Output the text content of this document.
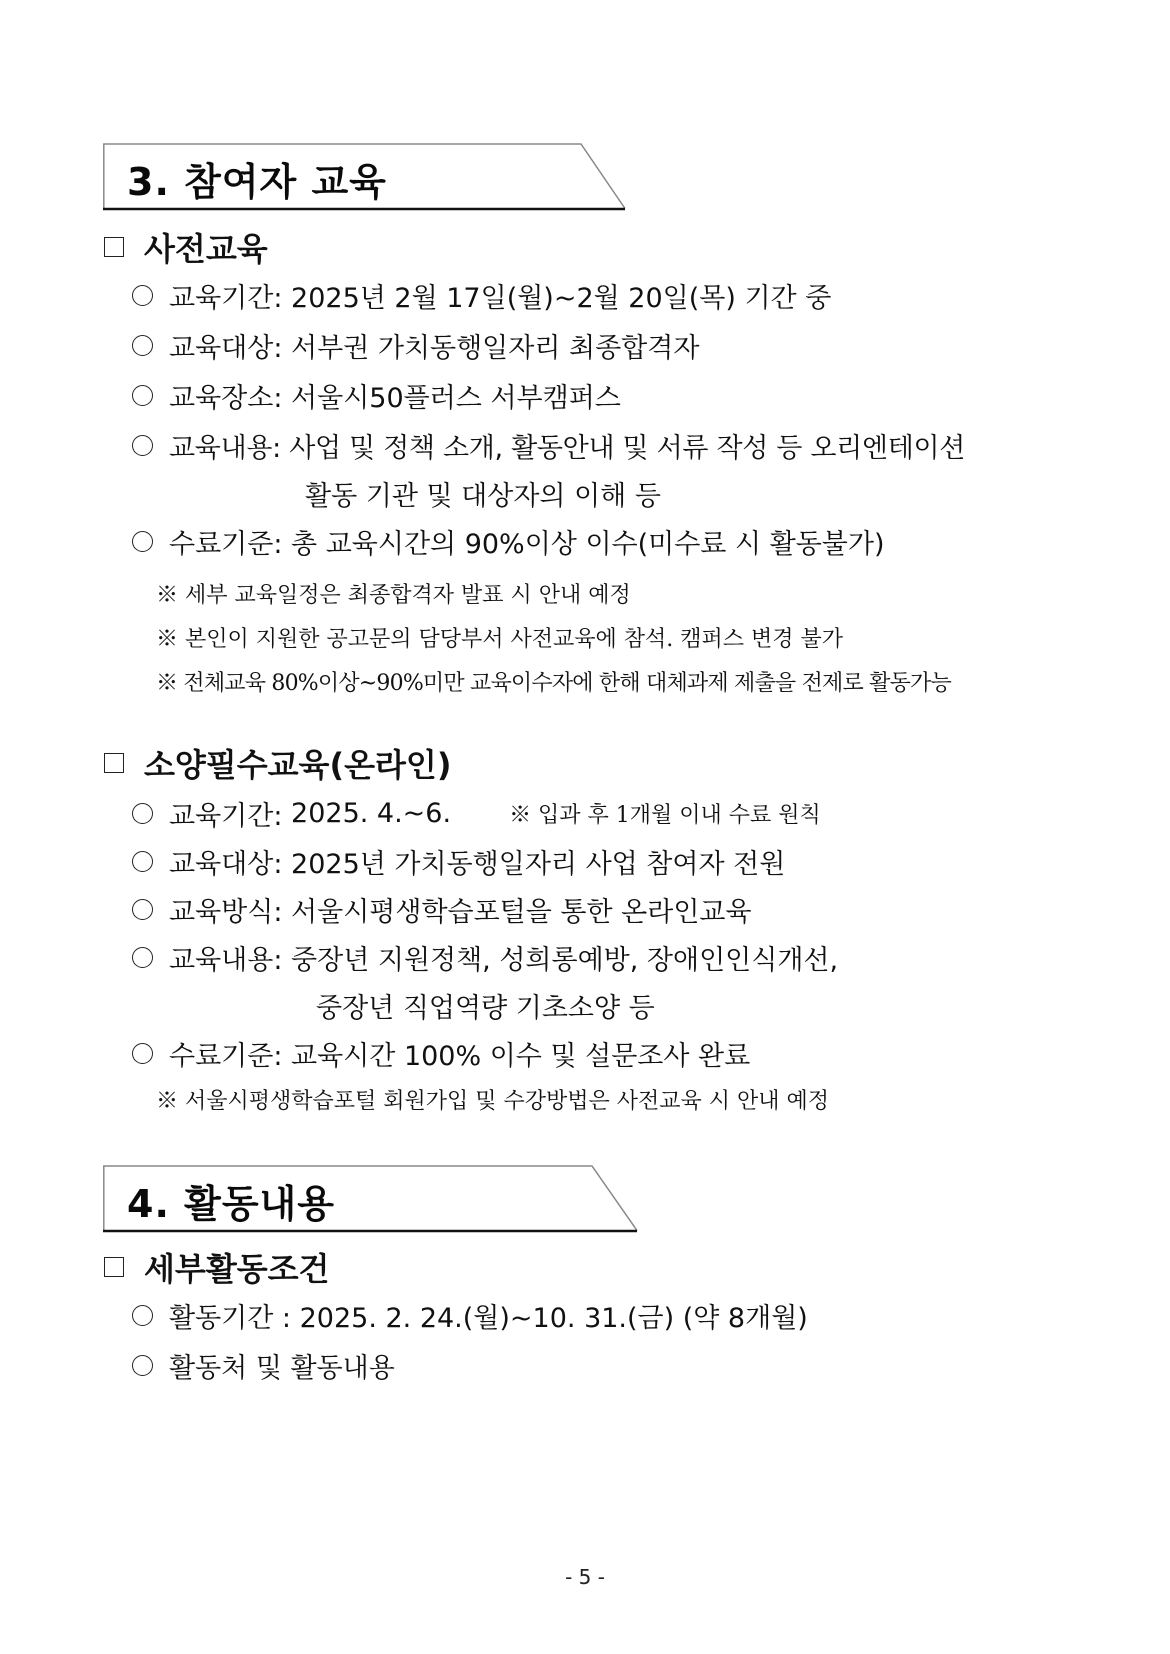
3. 참여자 교육
사전교육
교육기간:
2025년 2월 17일(월)~2월 20일(목) 기간 중
교육대상:
서부권 가치동행일자리 최종합격자
교육장소:
서울시50플러스 서부캠퍼스
교육내용:
사업 및 정책 소개, 활동안내 및 서류 작성 등 오리엔테이션
활동 기관 및 대상자의 이해 등
수료기준:
총 교육시간의 90%이상 이수(미수료 시 활동불가)
※ 세부 교육일정은 최종합격자 발표 시 안내 예정
※ 본인이 지원한 공고문의 담당부서 사전교육에 참석. 캠퍼스 변경 불가
※ 전체교육 80%이상~90%미만 교육이수자에 한해 대체과제 제출을 전제로 활동가능
소양필수교육(온라인)
교육기간:
2025. 4.~6.	※ 입과 후 1개월 이내 수료 원칙
교육대상:
2025년 가치동행일자리 사업 참여자 전원
교육방식:
서울시평생학습포털을 통한 온라인교육
교육내용:
중장년 지원정책, 성희롱예방, 장애인인식개선,
중장년 직업역량 기초소양 등
수료기준:
교육시간 100% 이수 및 설문조사 완료
※ 서울시평생학습포털 회원가입 및 수강방법은 사전교육 시 안내 예정
4. 활동내용
세부활동조건
활동기간 :
2025. 2. 24.(월)~10. 31.(금) (약 8개월)
활동처 및 활동내용
- 5 -
